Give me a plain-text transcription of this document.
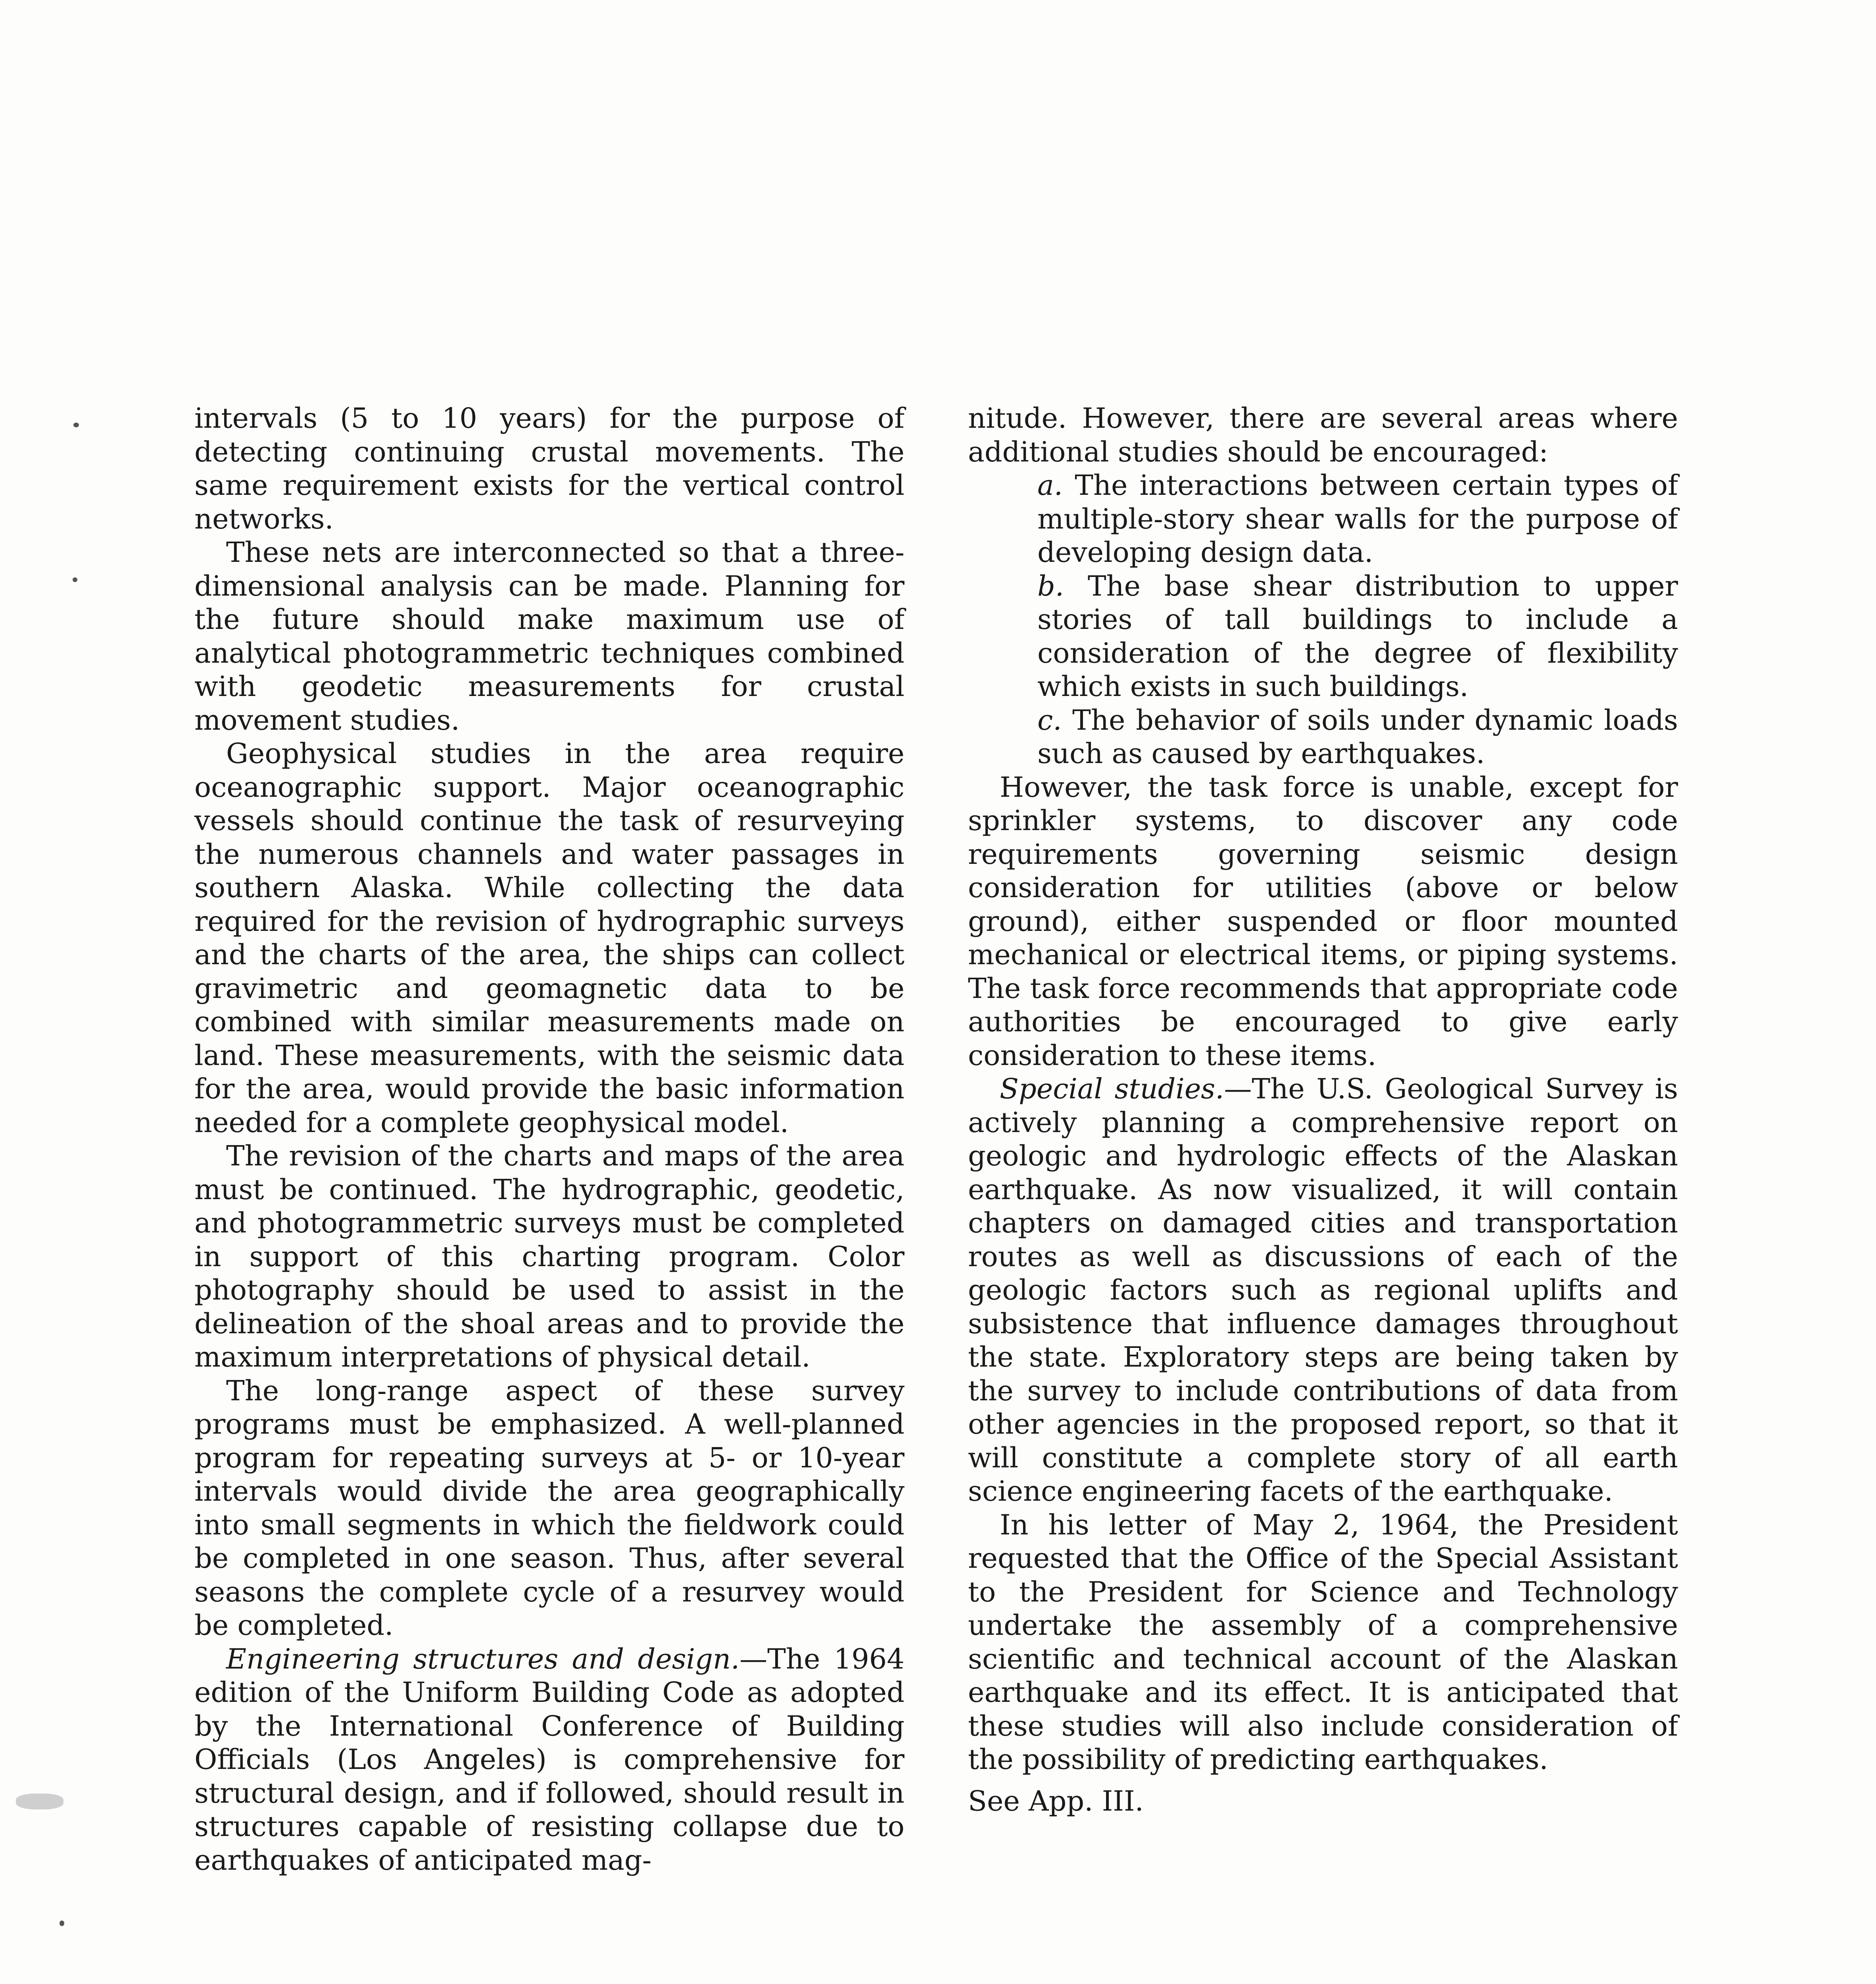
intervals (5 to 10 years) for the purpose of detecting continuing crustal movements. The same requirement exists for the vertical control networks.

These nets are interconnected so that a three-dimensional analysis can be made. Planning for the future should make maximum use of analytical photogrammetric techniques combined with geodetic measurements for crustal movement studies.

Geophysical studies in the area require oceanographic support. Major oceanographic vessels should continue the task of resurveying the numerous channels and water passages in southern Alaska. While collecting the data required for the revision of hydrographic surveys and the charts of the area, the ships can collect gravimetric and geomagnetic data to be combined with similar measurements made on land. These measurements, with the seismic data for the area, would provide the basic information needed for a complete geophysical model.

The revision of the charts and maps of the area must be continued. The hydrographic, geodetic, and photogrammetric surveys must be completed in support of this charting program. Color photography should be used to assist in the delineation of the shoal areas and to provide the maximum interpretations of physical detail.

The long-range aspect of these survey programs must be emphasized. A well-planned program for repeating surveys at 5- or 10-year intervals would divide the area geographically into small segments in which the fieldwork could be completed in one season. Thus, after several seasons the complete cycle of a resurvey would be completed.

Engineering structures and design.—The 1964 edition of the Uniform Building Code as adopted by the International Conference of Building Officials (Los Angeles) is comprehensive for structural design, and if followed, should result in structures capable of resisting collapse due to earthquakes of anticipated mag-

nitude. However, there are several areas where additional studies should be encouraged:

a. The interactions between certain types of multiple-story shear walls for the purpose of developing design data.

b. The base shear distribution to upper stories of tall buildings to include a consideration of the degree of flexibility which exists in such buildings.

c. The behavior of soils under dynamic loads such as caused by earthquakes.

However, the task force is unable, except for sprinkler systems, to discover any code requirements governing seismic design consideration for utilities (above or below ground), either suspended or floor mounted mechanical or electrical items, or piping systems. The task force recommends that appropriate code authorities be encouraged to give early consideration to these items.

Special studies.—The U.S. Geological Survey is actively planning a comprehensive report on geologic and hydrologic effects of the Alaskan earthquake. As now visualized, it will contain chapters on damaged cities and transportation routes as well as discussions of each of the geologic factors such as regional uplifts and subsistence that influence damages throughout the state. Exploratory steps are being taken by the survey to include contributions of data from other agencies in the proposed report, so that it will constitute a complete story of all earth science engineering facets of the earthquake.

In his letter of May 2, 1964, the President requested that the Office of the Special Assistant to the President for Science and Technology undertake the assembly of a comprehensive scientific and technical account of the Alaskan earthquake and its effect. It is anticipated that these studies will also include consideration of the possibility of predicting earthquakes.

See App. III.
